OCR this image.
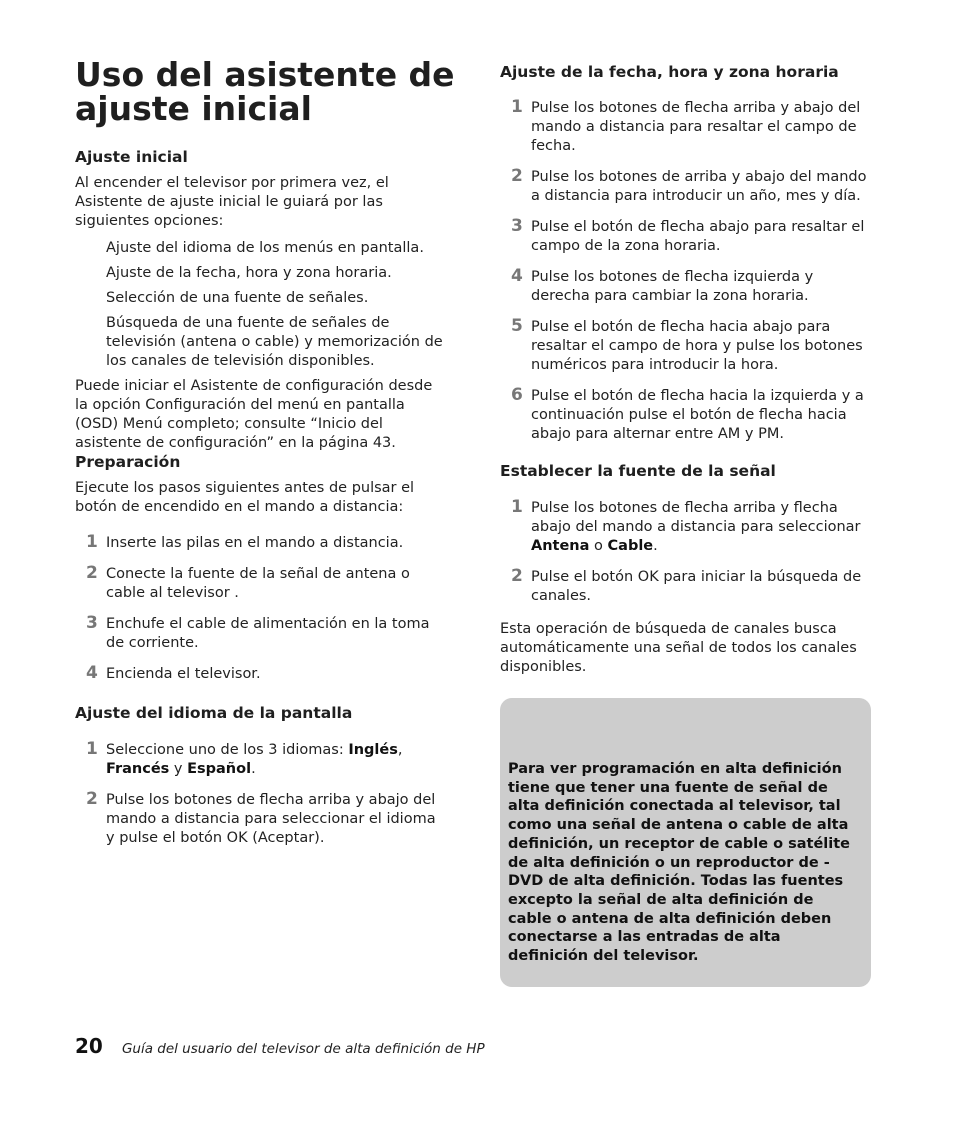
Uso del asistente de ajuste inicial
Ajuste inicial

Al encender el televisor por primera vez, el Asistente de ajuste inicial le guiará por las siguientes opciones:

Ajuste del idioma de los menús en pantalla.

Ajuste de la fecha, hora y zona horaria.

Selección de una fuente de señales.

Búsqueda de una fuente de señales de televisión (antena o cable) y memorización de los canales de televisión disponibles.

Puede iniciar el Asistente de configuración desde la opción Configuración del menú en pantalla (OSD) Menú completo; consulte “Inicio del asistente de configuración” en la página 43.

Preparación

Ejecute los pasos siguientes antes de pulsar el botón de encendido en el mando a distancia:

1 Inserte las pilas en el mando a distancia.
2 Conecte la fuente de la señal de antena o cable al televisor .
3 Enchufe el cable de alimentación en la toma de corriente.
4 Encienda el televisor.
Ajuste del idioma de la pantalla
1 Seleccione uno de los 3 idiomas: Inglés, Francés y Español.
2 Pulse los botones de flecha arriba y abajo del mando a distancia para seleccionar el idioma y pulse el botón OK (Aceptar).
Ajuste de la fecha, hora y zona horaria
1 Pulse los botones de flecha arriba y abajo del mando a distancia para resaltar el campo de fecha.
2 Pulse los botones de arriba y abajo del mando a distancia para introducir un año, mes y día.
3 Pulse el botón de flecha abajo para resaltar el campo de la zona horaria.
4 Pulse los botones de flecha izquierda y derecha para cambiar la zona horaria.
5 Pulse el botón de flecha hacia abajo para resaltar el campo de hora y pulse los botones numéricos para introducir la hora.
6 Pulse el botón de flecha hacia la izquierda y a continuación pulse el botón de flecha hacia abajo para alternar entre AM y PM.
Establecer la fuente de la señal
1 Pulse los botones de flecha arriba y flecha abajo del mando a distancia para seleccionar Antena o Cable.
2 Pulse el botón OK para iniciar la búsqueda de canales.

Esta operación de búsqueda de canales busca automáticamente una señal de todos los canales disponibles.

Para ver programación en alta definición tiene que tener una fuente de señal de alta definición conectada al televisor, tal como una señal de antena o cable de alta definición, un receptor de cable o satélite de alta definición o un reproductor de -DVD de alta definición. Todas las fuentes excepto la señal de alta definición de cable o antena de alta definición deben conectarse a las entradas de alta definición del televisor.

20 Guía del usuario del televisor de alta definición de HP
